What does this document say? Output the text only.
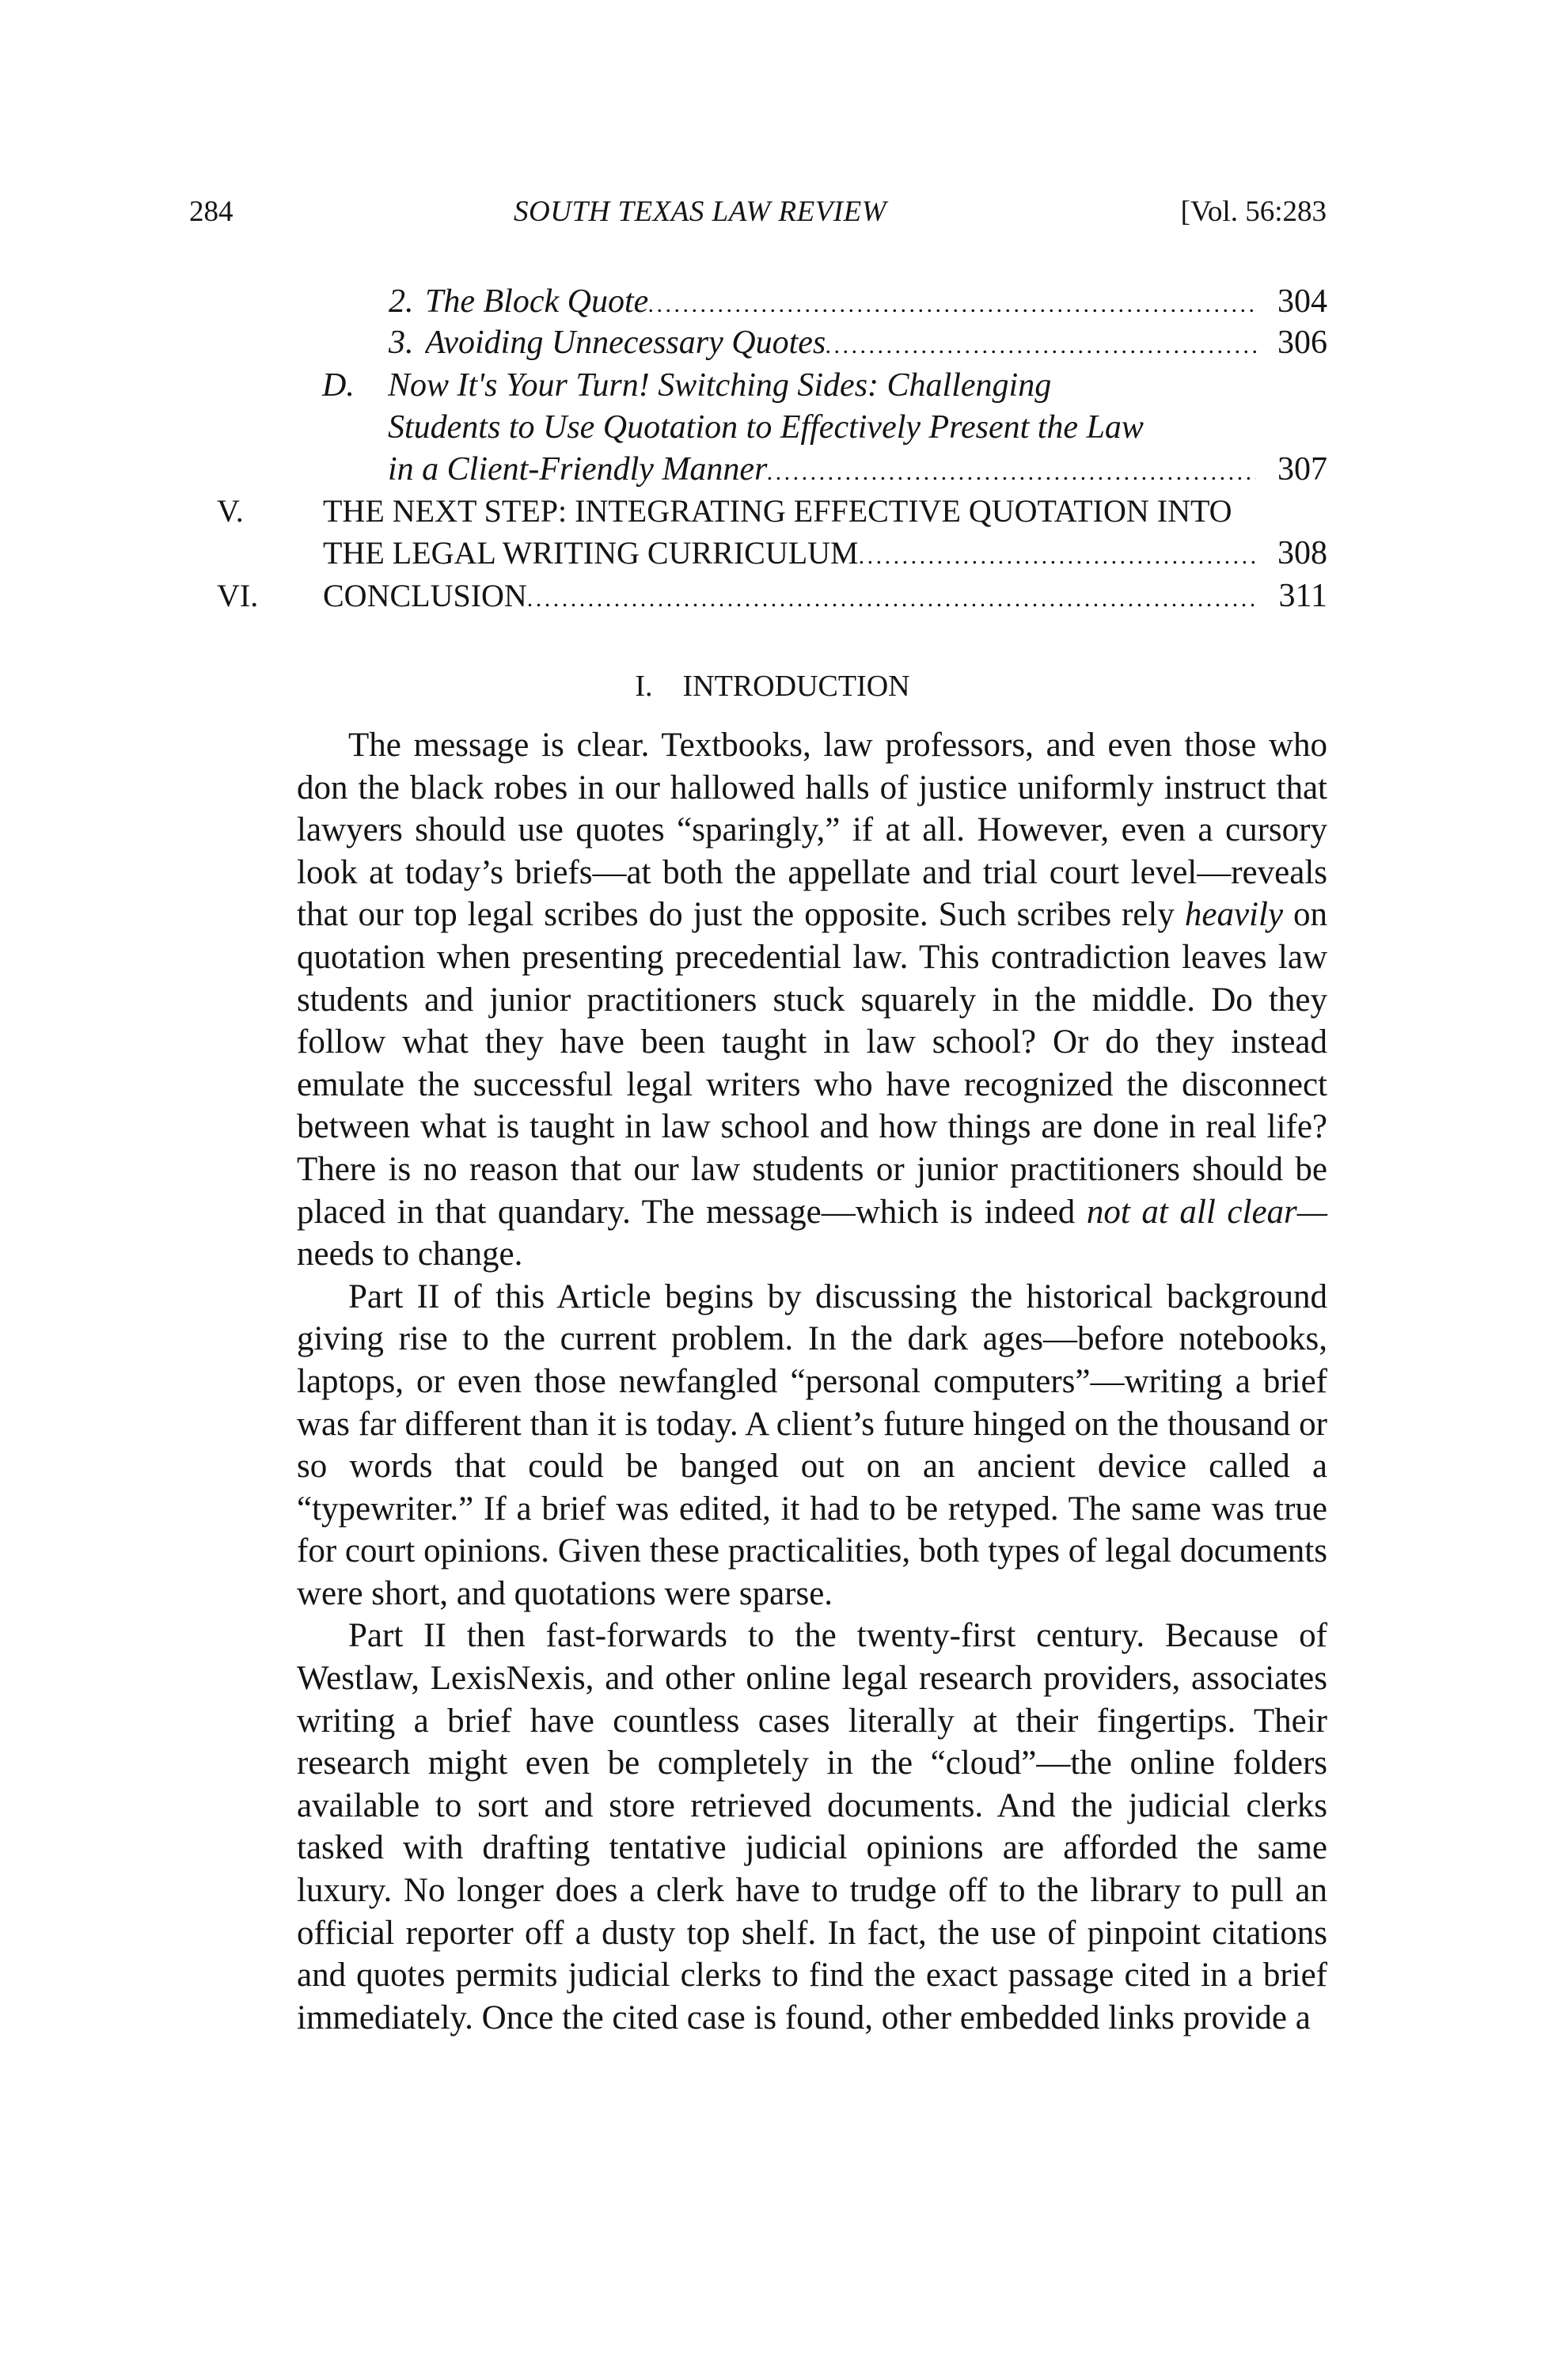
284	SOUTH TEXAS LAW REVIEW	[Vol. 56:283
2. The Block Quote . . .	304
3. Avoiding Unnecessary Quotes . . .	306
D. Now It's Your Turn! Switching Sides: Challenging
Students to Use Quotation to Effectively Present the Law
in a Client-Friendly Manner . . .	307
V.	THE NEXT STEP: INTEGRATING EFFECTIVE QUOTATION INTO
THE LEGAL WRITING CURRICULUM . . .	308
VI. CONCLUSION . . .	311
I. INTRODUCTION

The message is clear. Textbooks, law professors, and even those who don the black robes in our hallowed halls of justice uniformly instruct that lawyers should use quotes “sparingly,” if at all. However, even a cursory look at today’s briefs—at both the appellate and trial court level—reveals that our top legal scribes do just the opposite. Such scribes rely heavily on quotation when presenting precedential law. This contradiction leaves law students and junior practitioners stuck squarely in the middle. Do they follow what they have been taught in law school? Or do they instead emulate the successful legal writers who have recognized the disconnect between what is taught in law school and how things are done in real life? There is no reason that our law students or junior practitioners should be placed in that quandary. The message—which is indeed not at all clear— needs to change.

Part II of this Article begins by discussing the historical background giving rise to the current problem. In the dark ages—before notebooks, laptops, or even those newfangled “personal computers”—writing a brief was far different than it is today. A client’s future hinged on the thousand or so words that could be banged out on an ancient device called a “typewriter.” If a brief was edited, it had to be retyped. The same was true for court opinions. Given these practicalities, both types of legal documents were short, and quotations were sparse.

Part II then fast-forwards to the twenty-first century. Because of Westlaw, LexisNexis, and other online legal research providers, associates writing a brief have countless cases literally at their fingertips. Their research might even be completely in the “cloud”—the online folders available to sort and store retrieved documents. And the judicial clerks tasked with drafting tentative judicial opinions are afforded the same luxury. No longer does a clerk have to trudge off to the library to pull an official reporter off a dusty top shelf. In fact, the use of pinpoint citations and quotes permits judicial clerks to find the exact passage cited in a brief immediately. Once the cited case is found, other embedded links provide a
